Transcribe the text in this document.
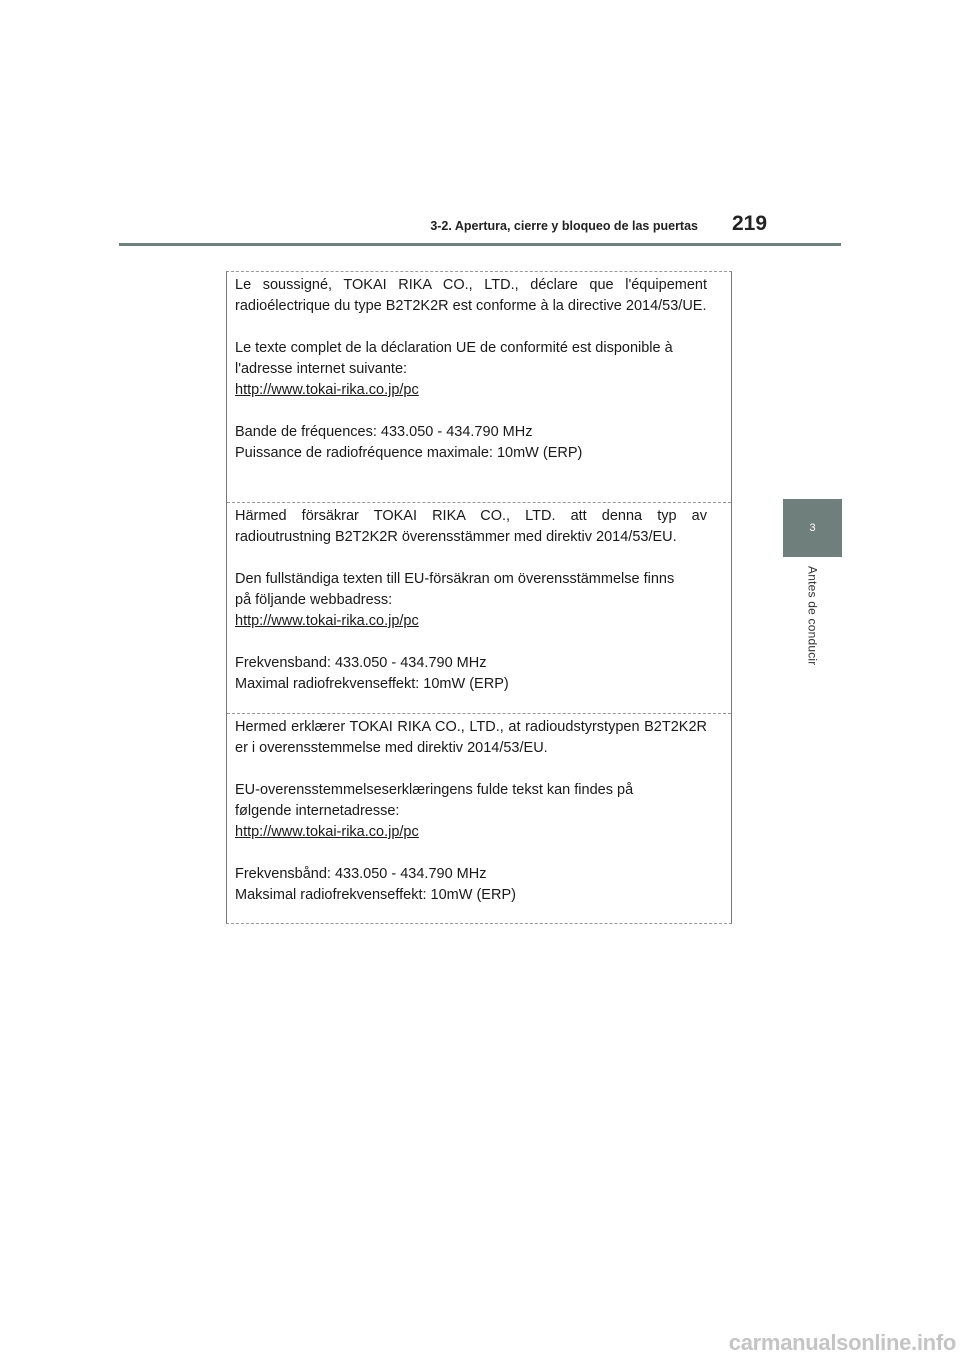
3-2. Apertura, cierre y bloqueo de las puertas 219
3
Antes de conducir

Le soussigné, TOKAI RIKA CO., LTD., déclare que l'équipement radioélectrique du type B2T2K2R est conforme à la directive 2014/53/UE.

Le texte complet de la déclaration UE de conformité est disponible à

l'adresse internet suivante:

http://www.tokai-rika.co.jp/pc

Bande de fréquences: 433.050 - 434.790 MHz

Puissance de radiofréquence maximale: 10mW (ERP)

Härmed försäkrar TOKAI RIKA CO., LTD. att denna typ av radioutrustning B2T2K2R överensstämmer med direktiv 2014/53/EU.

Den fullständiga texten till EU-försäkran om överensstämmelse finns

på följande webbadress:

http://www.tokai-rika.co.jp/pc

Frekvensband: 433.050 - 434.790 MHz

Maximal radiofrekvenseffekt: 10mW (ERP)

Hermed erklærer TOKAI RIKA CO., LTD., at radioudstyrstypen B2T2K2R er i overensstemmelse med direktiv 2014/53/EU.

EU-overensstemmelseserklæringens fulde tekst kan findes på

følgende internetadresse:

http://www.tokai-rika.co.jp/pc

Frekvensbånd: 433.050 - 434.790 MHz

Maksimal radiofrekvenseffekt: 10mW (ERP)

carmanualsonline.info
